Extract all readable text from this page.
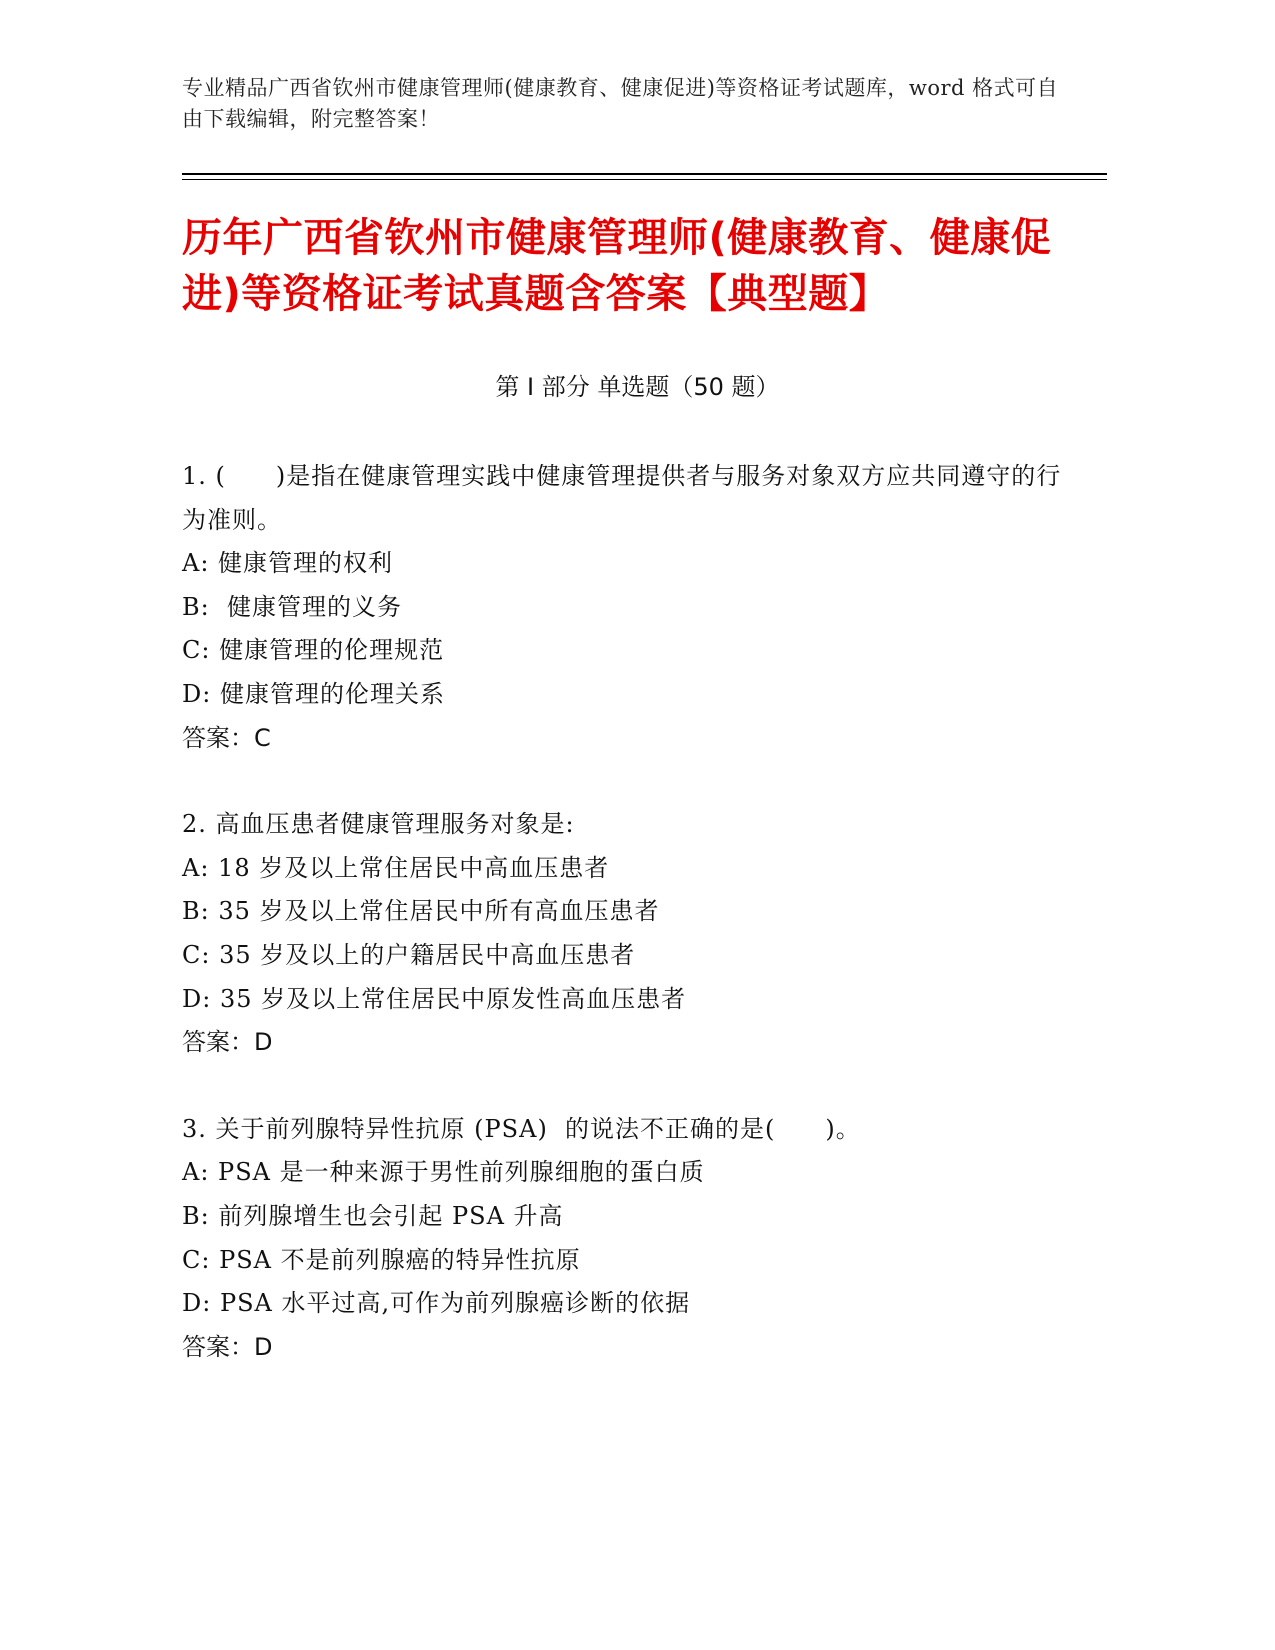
专业精品广西省钦州市健康管理师(健康教育、健康促进)等资格证考试题库，word 格式可自由下载编辑，附完整答案！
历年广西省钦州市健康管理师(健康教育、健康促进)等资格证考试真题含答案【典型题】
第 I 部分 单选题（50 题）
1. (　　)是指在健康管理实践中健康管理提供者与服务对象双方应共同遵守的行为准则。
A: 健康管理的权利
B:  健康管理的义务
C: 健康管理的伦理规范
D: 健康管理的伦理关系
答案：C
2. 高血压患者健康管理服务对象是:
A: 18 岁及以上常住居民中高血压患者
B: 35 岁及以上常住居民中所有高血压患者
C: 35 岁及以上的户籍居民中高血压患者
D: 35 岁及以上常住居民中原发性高血压患者
答案：D
3. 关于前列腺特异性抗原 (PSA)  的说法不正确的是(　　)。
A: PSA 是一种来源于男性前列腺细胞的蛋白质
B: 前列腺增生也会引起 PSA 升高
C: PSA 不是前列腺癌的特异性抗原
D: PSA 水平过高,可作为前列腺癌诊断的依据
答案：D
